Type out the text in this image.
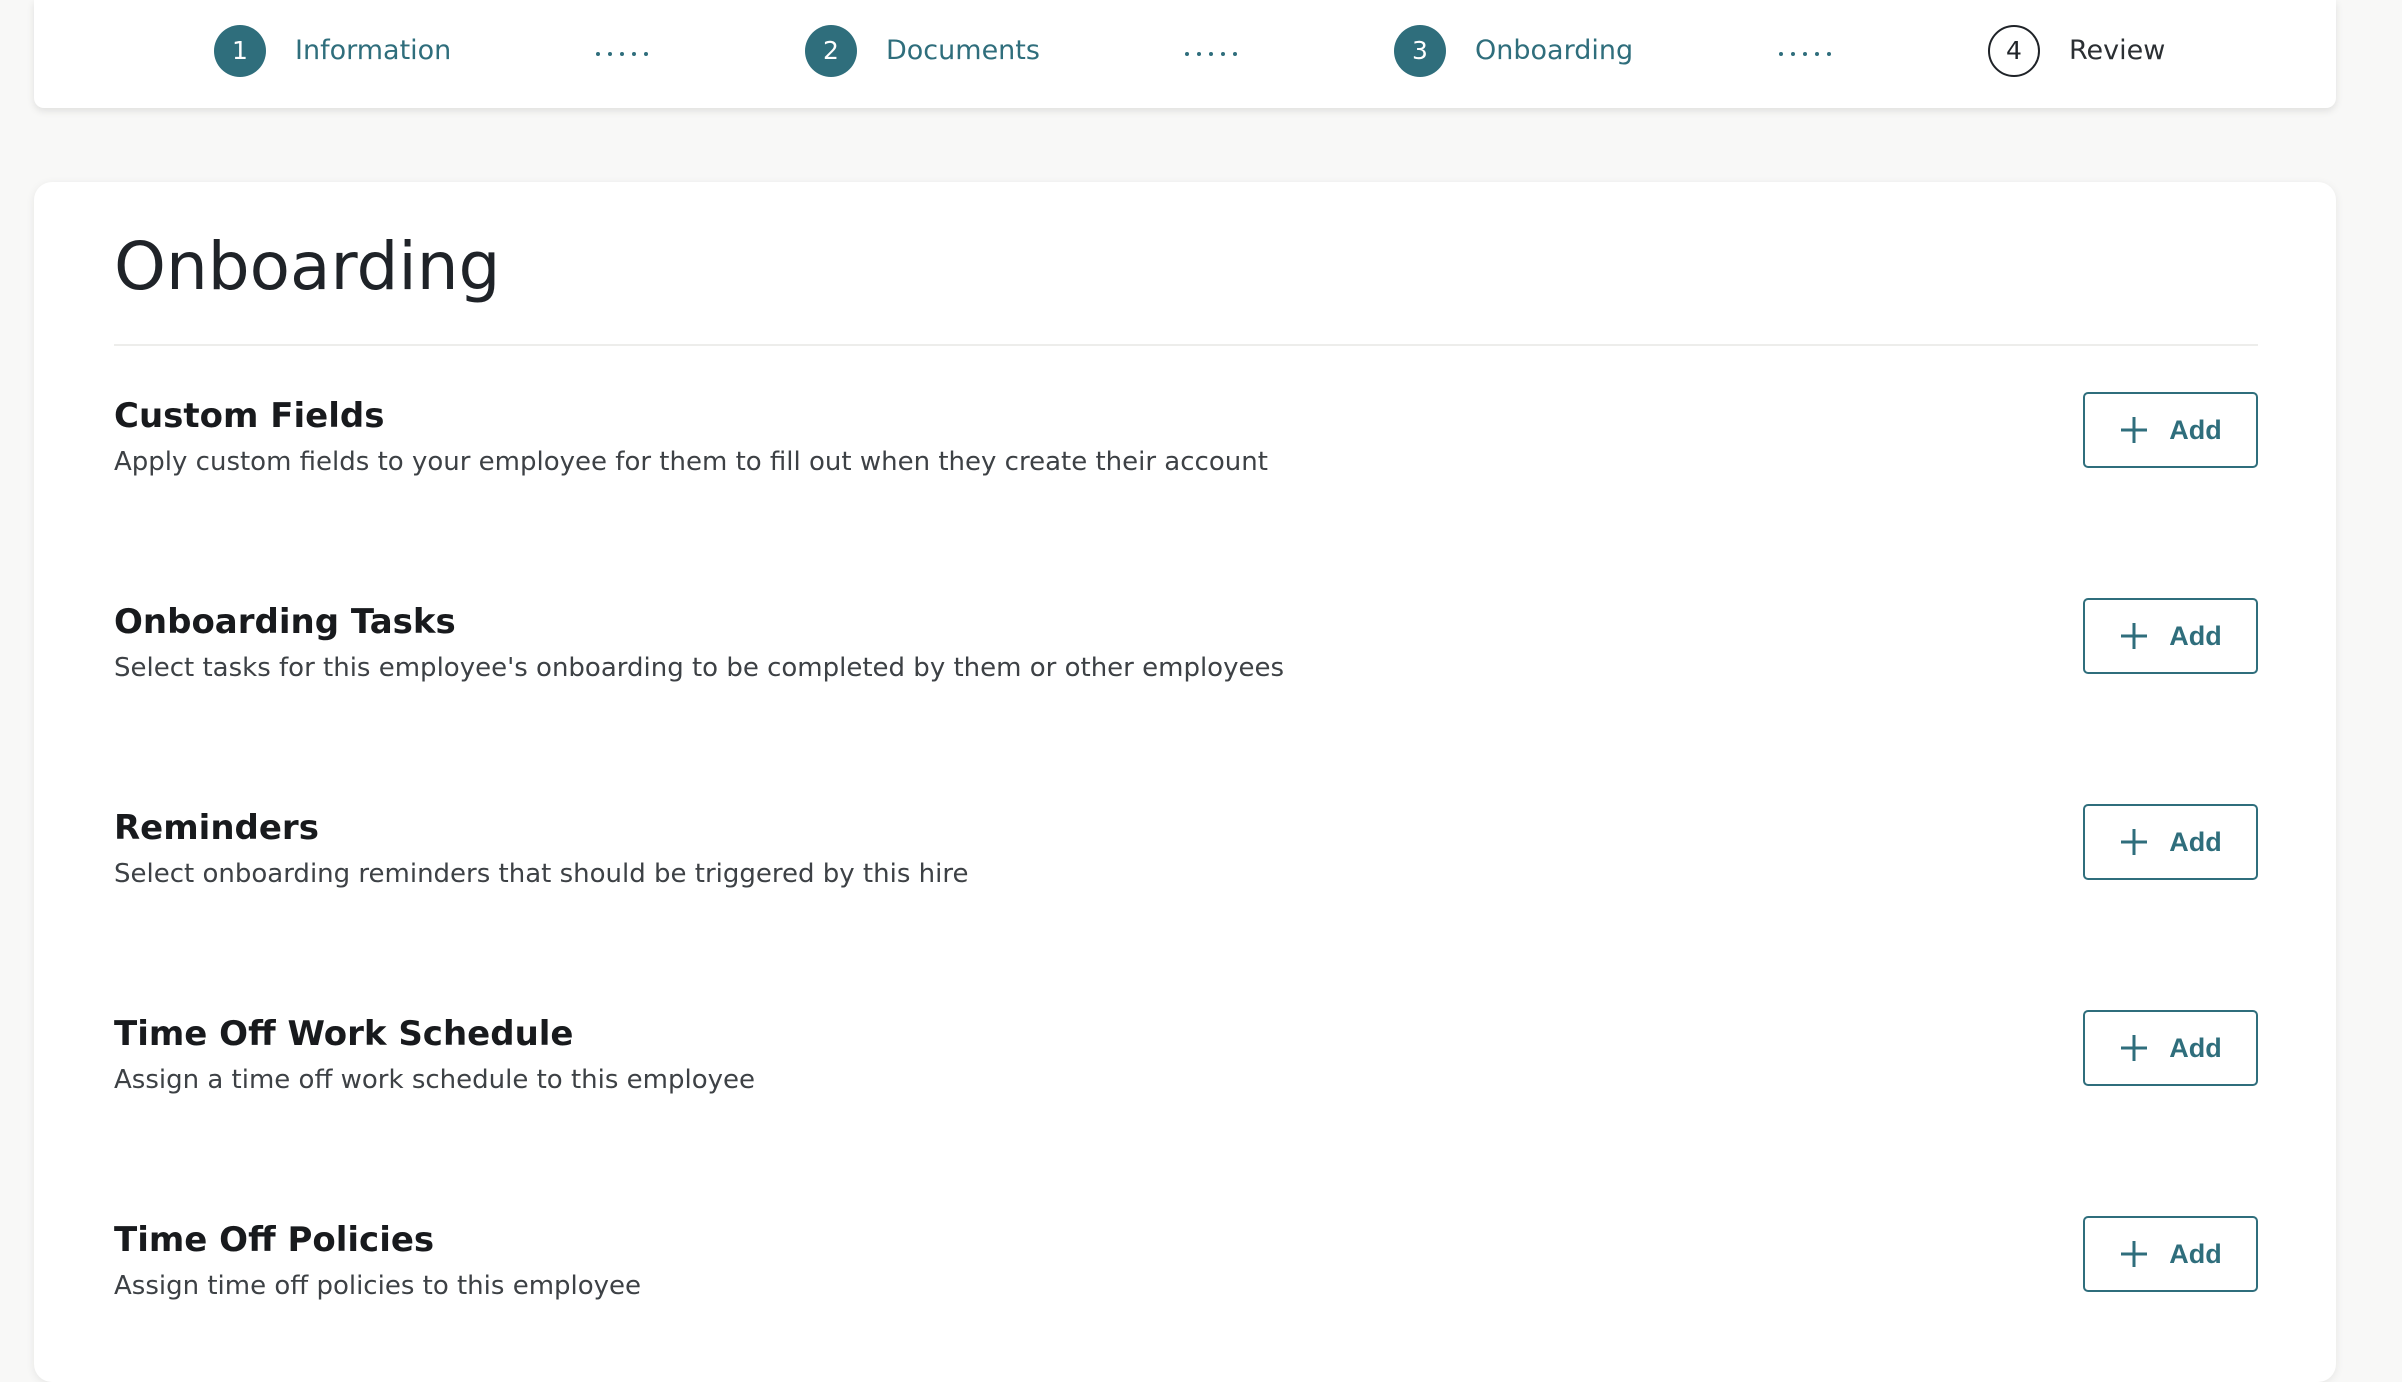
1	Information	2	Documents	3	Onboarding	4	Review
Onboarding
Custom Fields
Apply custom fields to your employee for them to fill out when they create their account
Add
Onboarding Tasks
Select tasks for this employee's onboarding to be completed by them or other employees
Add
Reminders
Select onboarding reminders that should be triggered by this hire
Add
Time Off Work Schedule
Assign a time off work schedule to this employee
Add
Time Off Policies
Assign time off policies to this employee
Add
